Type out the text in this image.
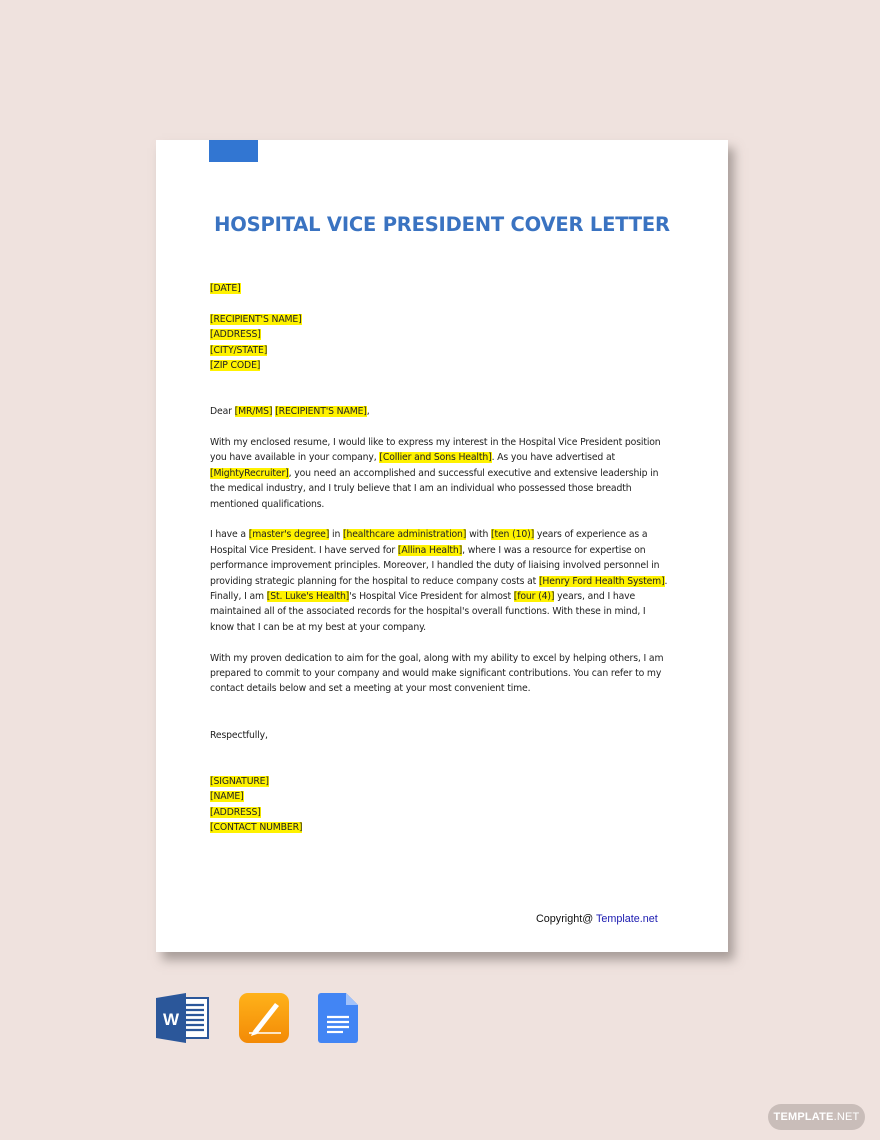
HOSPITAL VICE PRESIDENT COVER LETTER
[DATE]
[RECIPIENT'S NAME]
[ADDRESS]
[CITY/STATE]
[ZIP CODE]
Dear [MR/MS] [RECIPIENT'S NAME],

With my enclosed resume, I would like to express my interest in the Hospital Vice President position you have available in your company, [Collier and Sons Health]. As you have advertised at [MightyRecruiter], you need an accomplished and successful executive and extensive leadership in the medical industry, and I truly believe that I am an individual who possessed those breadth mentioned qualifications.

I have a [master's degree] in [healthcare administration] with [ten (10)] years of experience as a Hospital Vice President. I have served for [Allina Health], where I was a resource for expertise on performance improvement principles. Moreover, I handled the duty of liaising involved personnel in providing strategic planning for the hospital to reduce company costs at [Henry Ford Health System]. Finally, I am [St. Luke's Health]'s Hospital Vice President for almost [four (4)] years, and I have maintained all of the associated records for the hospital's overall functions. With these in mind, I know that I can be at my best at your company.

With my proven dedication to aim for the goal, along with my ability to excel by helping others, I am prepared to commit to your company and would make significant contributions. You can refer to my contact details below and set a meeting at your most convenient time.

Respectfully,
[SIGNATURE]
[NAME]
[ADDRESS]
[CONTACT NUMBER]
Copyright@ Template.net
W
TEMPLATE.NET
